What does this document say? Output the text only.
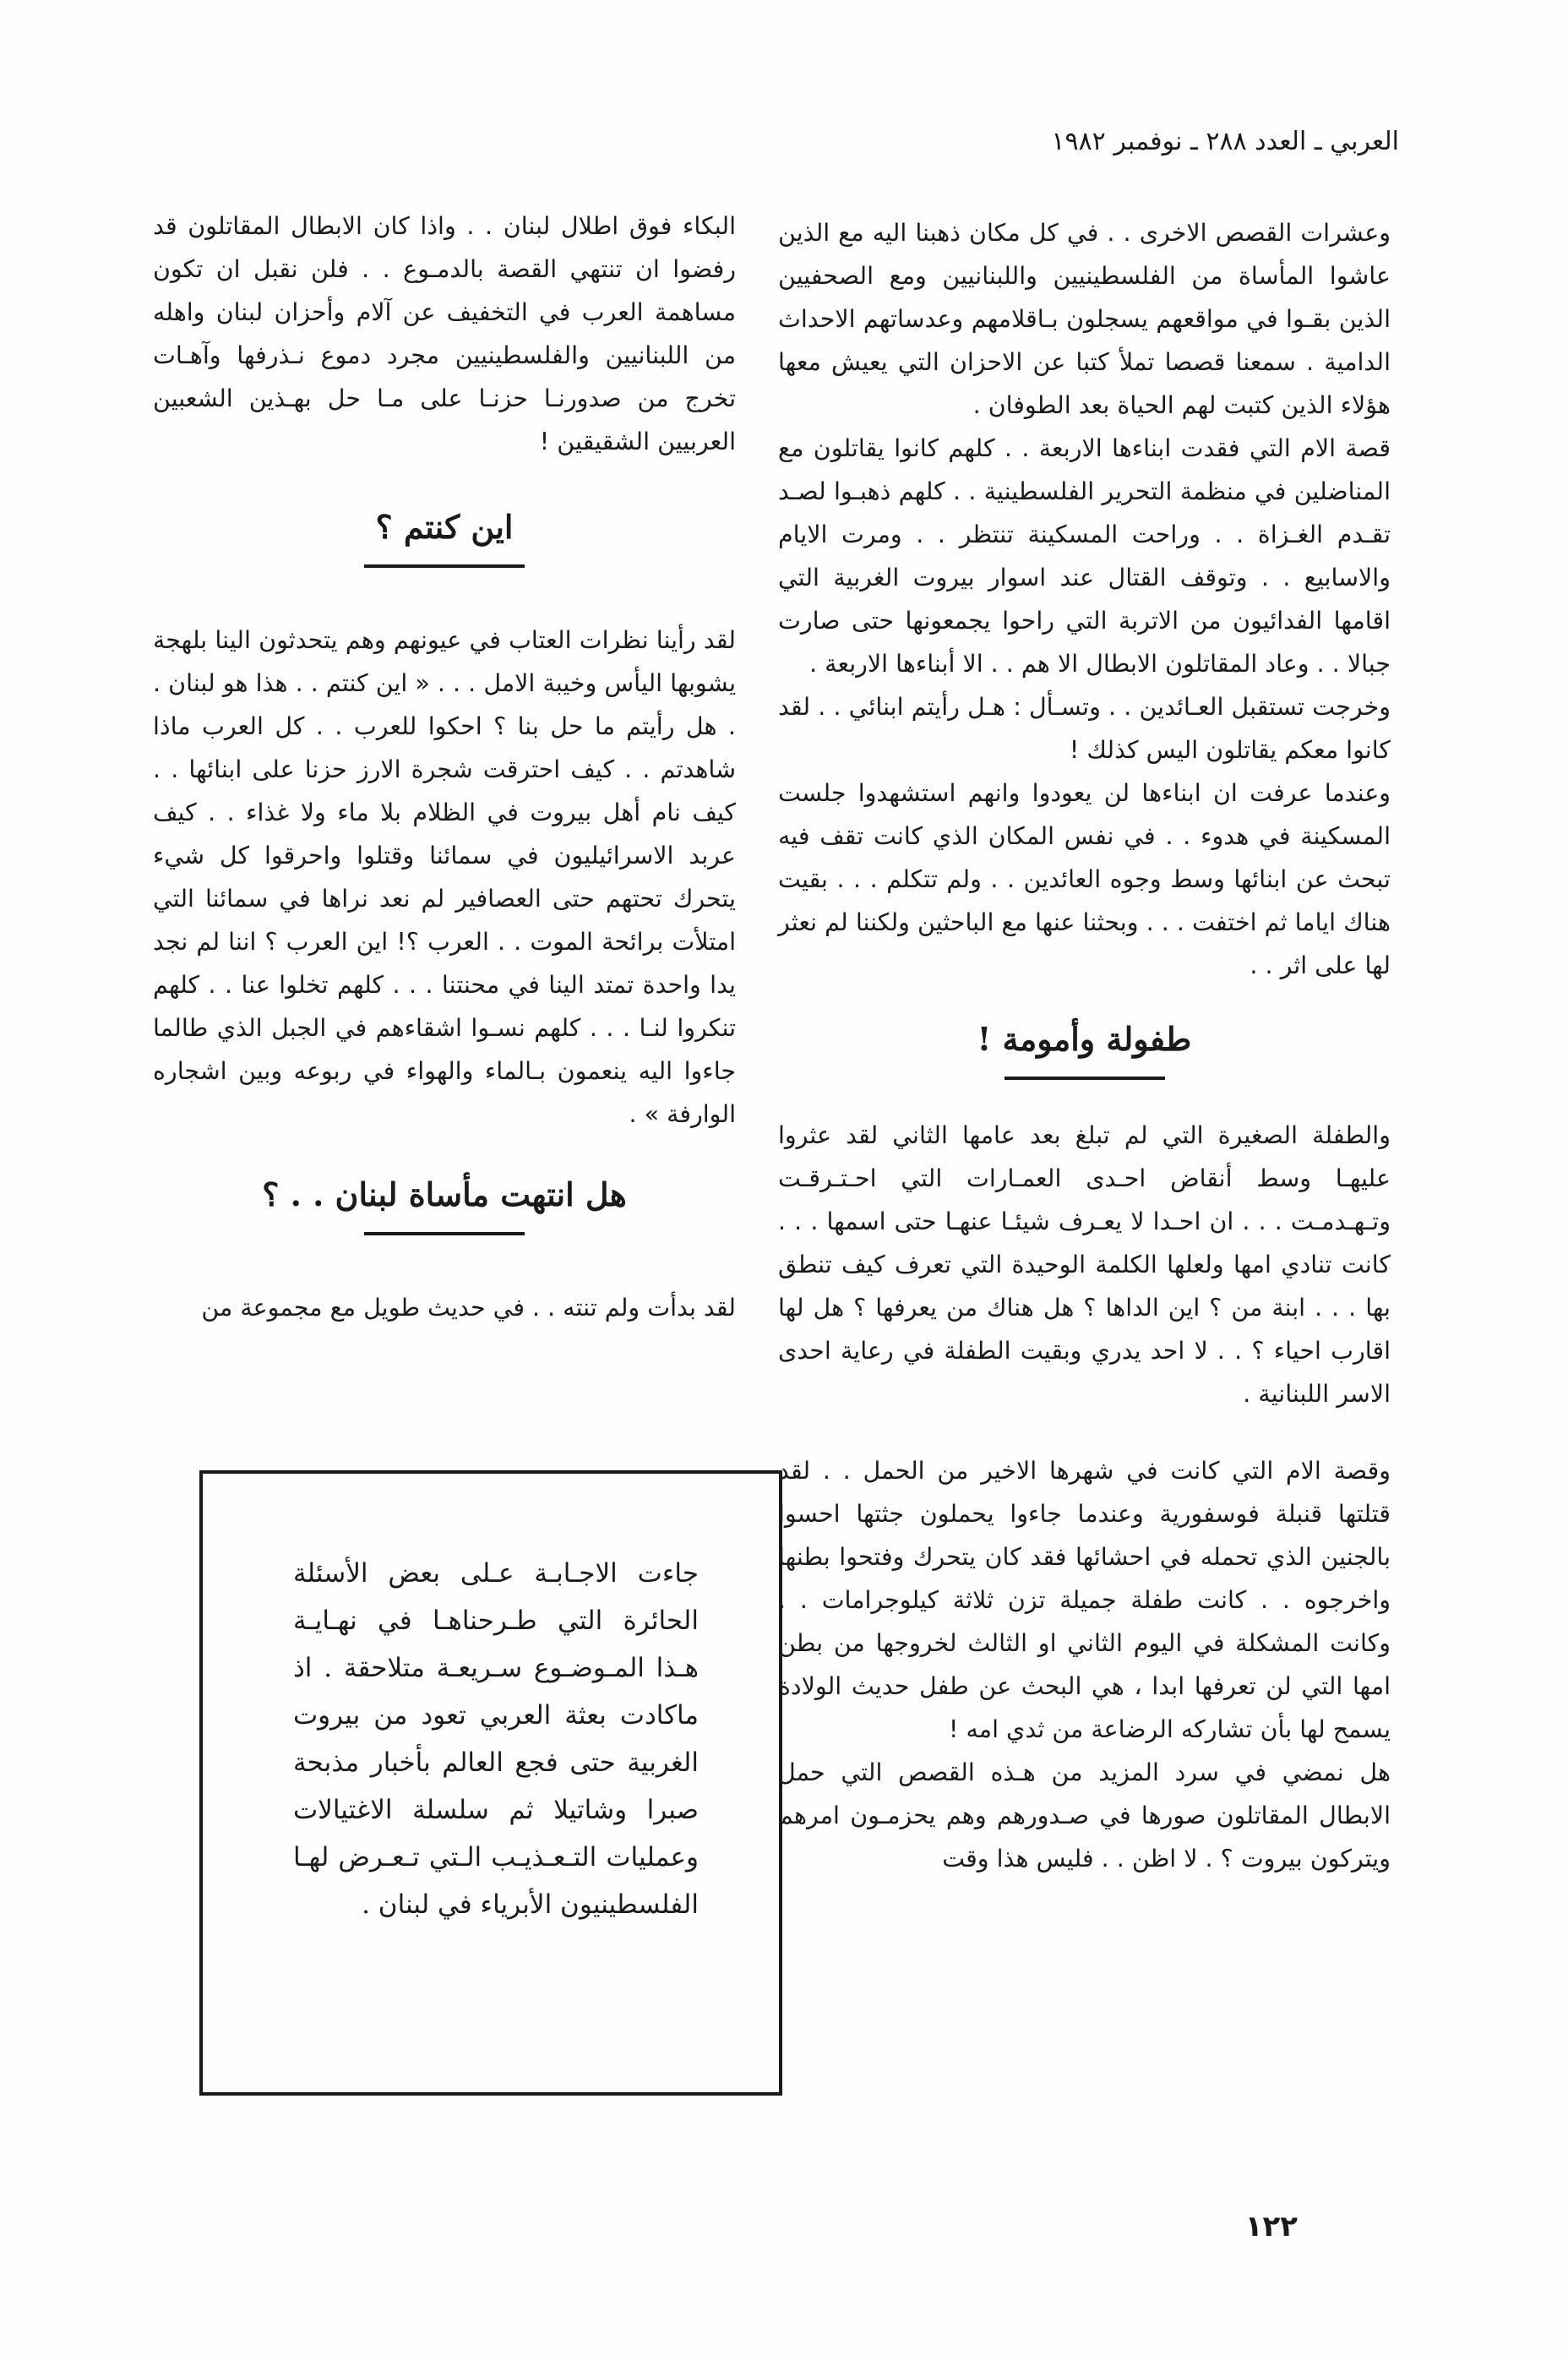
العربي ـ العدد ٢٨٨ ـ نوفمبر ١٩٨٢

وعشرات القصص الاخرى . . في كل مكان ذهبنا اليه مع الذين عاشوا المأساة من الفلسطينيين واللبنانيين ومع الصحفيين الذين بقـوا في مواقعهم يسجلون بـاقلامهم وعدساتهم الاحداث الدامية . سمعنا قصصا تملأ كتبا عن الاحزان التي يعيش معها هؤلاء الذين كتبت لهم الحياة بعد الطوفان .

قصة الام التي فقدت ابناءها الاربعة . . كلهم كانوا يقاتلون مع المناضلين في منظمة التحرير الفلسطينية . . كلهم ذهبـوا لصـد تقـدم الغـزاة . . وراحت المسكينة تنتظر . . ومرت الايام والاسابيع . . وتوقف القتال عند اسوار بيروت الغربية التي اقامها الفدائيون من الاتربة التي راحوا يجمعونها حتى صارت جبالا . . وعاد المقاتلون الابطال الا هم . . الا أبناءها الاربعة .

وخرجت تستقبل العـائدين . . وتسـأل : هـل رأيتم ابنائي . . لقد كانوا معكم يقاتلون اليس كذلك !

وعندما عرفت ان ابناءها لن يعودوا وانهم استشهدوا جلست المسكينة في هدوء . . في نفس المكان الذي كانت تقف فيه تبحث عن ابنائها وسط وجوه العائدين . . ولم تتكلم . . . بقيت هناك اياما ثم اختفت . . . وبحثنا عنها مع الباحثين ولكننا لم نعثر لها على اثر . .

طفولة وأمومة !

والطفلة الصغيرة التي لم تبلغ بعد عامها الثاني لقد عثروا عليهـا وسط أنقاض احـدى العمـارات التي احـتـرقـت وتـهـدمـت . . . ان احـدا لا يعـرف شيئـا عنهـا حتى اسمها . . . كانت تنادي امها ولعلها الكلمة الوحيدة التي تعرف كيف تنطق بها . . . ابنة من ؟ اين الداها ؟ هل هناك من يعرفها ؟ هل لها اقارب احياء ؟ . . لا احد يدري وبقيت الطفلة في رعاية احدى الاسر اللبنانية .

وقصة الام التي كانت في شهرها الاخير من الحمل . . لقد قتلتها قنبلة فوسفورية وعندما جاءوا يحملون جثتها احسوا بالجنين الذي تحمله في احشائها فقد كان يتحرك وفتحوا بطنها واخرجوه . . كانت طفلة جميلة تزن ثلاثة كيلوجرامات . . وكانت المشكلة في اليوم الثاني او الثالث لخروجها من بطن امها التي لن تعرفها ابدا ، هي البحث عن طفل حديث الولادة يسمح لها بأن تشاركه الرضاعة من ثدي امه !

هل نمضي في سرد المزيد من هـذه القصص التي حمل الابطال المقاتلون صورها في صـدورهم وهم يحزمـون امرهم ويتركون بيروت ؟ . لا اظن . . فليس هذا وقت

البكاء فوق اطلال لبنان . . واذا كان الابطال المقاتلون قد رفضوا ان تنتهي القصة بالدمـوع . . فلن نقبل ان تكون مساهمة العرب في التخفيف عن آلام وأحزان لبنان واهله من اللبنانيين والفلسطينيين مجرد دموع نـذرفها وآهـات تخرج من صدورنـا حزنـا على مـا حل بهـذين الشعبين العربيين الشقيقين !

اين كنتم ؟

لقد رأينا نظرات العتاب في عيونهم وهم يتحدثون الينا بلهجة يشوبها اليأس وخيبة الامل . . . « اين كنتم . . هذا هو لبنان . . هل رأيتم ما حل بنا ؟ احكوا للعرب . . كل العرب ماذا شاهدتم . . كيف احترقت شجرة الارز حزنا على ابنائها . . كيف نام أهل بيروت في الظلام بلا ماء ولا غذاء . . كيف عربد الاسرائيليون في سمائنا وقتلوا واحرقوا كل شيء يتحرك تحتهم حتى العصافير لم نعد نراها في سمائنا التي امتلأت برائحة الموت . . العرب ؟! اين العرب ؟ اننا لم نجد يدا واحدة تمتد الينا في محنتنا . . . كلهم تخلوا عنا . . كلهم تنكروا لنـا . . . كلهم نسـوا اشقاءهم في الجبل الذي طالما جاءوا اليه ينعمون بـالماء والهواء في ربوعه وبين اشجاره الوارفة » .

هل انتهت مأساة لبنان . . ؟

لقد بدأت ولم تنته . . في حديث طويل مع مجموعة من

جاءت الاجـابـة عـلى بعض الأسئلة الحائرة التي طـرحناهـا في نهـايـة هـذا المـوضـوع سـريعـة متلاحقة . اذ ماكادت بعثة العربي تعود من بيروت الغربية حتى فجع العالم بأخبار مذبحة صبرا وشاتيلا ثم سلسلة الاغتيالات وعمليات التـعـذيـب الـتي تـعـرض لهـا الفلسطينيون الأبرياء في لبنان .

١٢٢
